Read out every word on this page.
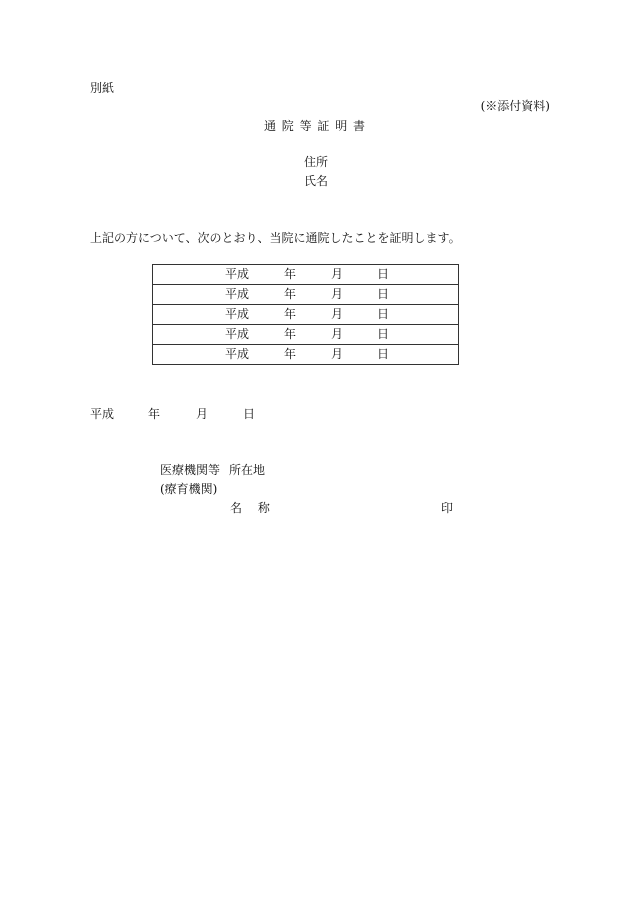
別紙
(※添付資料)
通 院 等 証 明 書
住所
氏名
上記の方について、次のとおり、当院に通院したことを証明します。
平成	年	月	日

平成	年	月	日

平成	年	月	日

平成	年	月	日

平成	年	月	日

平成

	年

	月

	日

医療機関等 所在地
(療育機関)
名 称	印
